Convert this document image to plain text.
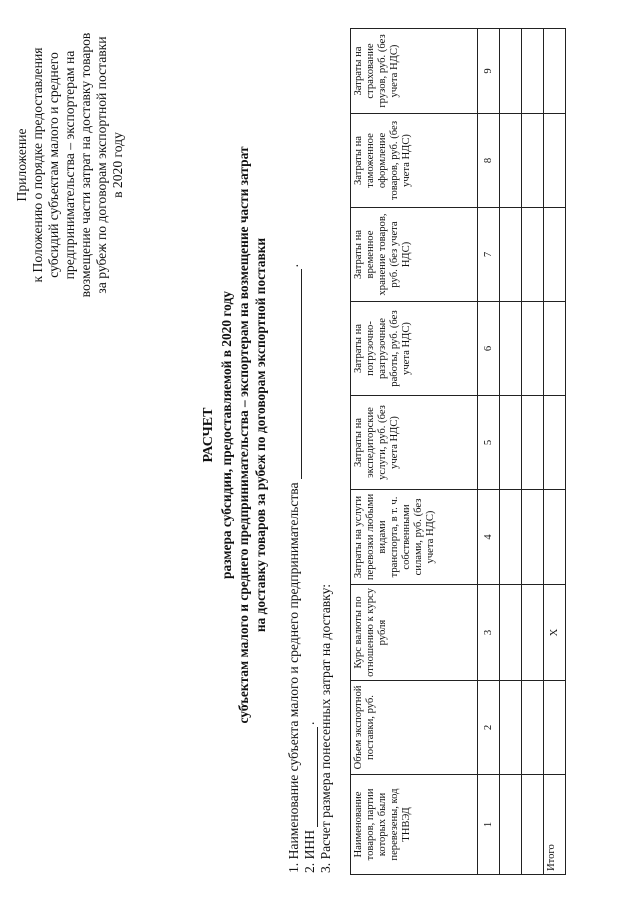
Приложение к Положению о порядке предоставления субсидий субъектам малого и среднего предпринимательства – экспортерам на возмещение части затрат на доставку товаров за рубеж по договорам экспортной поставки в 2020 году
РАСЧЕТ размера субсидии, предоставляемой в 2020 году субъектам малого и среднего предпринимательства – экспортерам на возмещение части затрат на доставку товаров за рубеж по договорам экспортной поставки
1. Наименование субъекта малого и среднего предпринимательства
.
2. ИНН
. 3. Расчет размера понесенных затрат на доставку: Наименование товаров, партии которых были перевезены, код ТНВЭД	Объем экспортной поставки, руб.	Курс валюты по отношению к курсу рубля	Затраты на услуги перевозки любыми видами транспорта, в т. ч. собственными силами, руб. (без учета НДС)	Затраты на экспедиторские услуги, руб. (без учета НДС)	Затраты на погрузочно-разгрузочные работы, руб. (без учета НДС)	Затраты на временное хранение товаров, руб. (без учета НДС)	Затраты на таможенное оформление товаров, руб. (без учета НДС)	Затраты на страхование грузов, руб. (без учета НДС)
1	2	3	4	5	6	7	8	9

Итого		Х						
